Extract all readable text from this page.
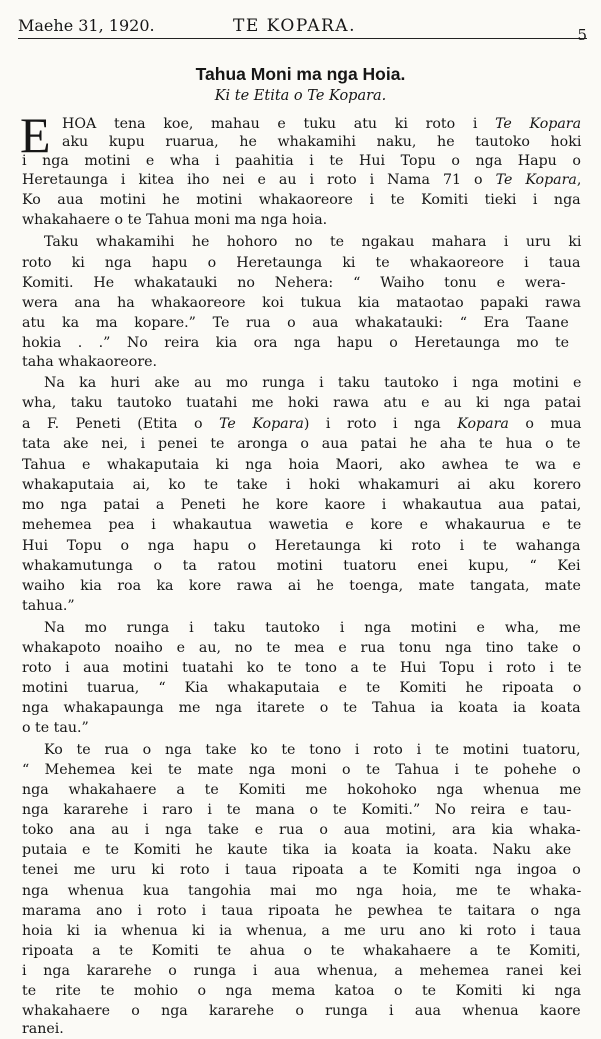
Maehe 31, 1920.	TE KOPARA.	5
Tahua Moni ma nga Hoia.
Ki te Etita o Te Kopara.
E HOA tena koe, mahau e tuku atu ki roto i Te Kopara
aku kupu ruarua, he whakamihi naku, he tautoko hoki
i nga motini e wha i paahitia i te Hui Topu o nga Hapu o
Heretaunga i kitea iho nei e au i roto i Nama 71 o Te Kopara,
Ko aua motini he motini whakaoreore i te Komiti tieki i nga
whakahaere o te Tahua moni ma nga hoia.
Taku whakamihi he hohoro no te ngakau mahara i uru ki
roto ki nga hapu o Heretaunga ki te whakaoreore i taua
Komiti. He whakatauki no Nehera: “ Waiho tonu e wera-
wera ana ha whakaoreore koi tukua kia mataotao papaki rawa
atu ka ma kopare.” Te rua o aua whakatauki: “ Era Taane
hokia . .” No reira kia ora nga hapu o Heretaunga mo te
taha whakaoreore.
Na ka huri ake au mo runga i taku tautoko i nga motini e
wha, taku tautoko tuatahi me hoki rawa atu e au ki nga patai
a F. Peneti (Etita o Te Kopara) i roto i nga Kopara o mua
tata ake nei, i penei te aronga o aua patai he aha te hua o te
Tahua e whakaputaia ki nga hoia Maori, ako awhea te wa e
whakaputaia ai, ko te take i hoki whakamuri ai aku korero
mo nga patai a Peneti he kore kaore i whakautua aua patai,
mehemea pea i whakautua wawetia e kore e whakaurua e te
Hui Topu o nga hapu o Heretaunga ki roto i te wahanga
whakamutunga o ta ratou motini tuatoru enei kupu, “ Kei
waiho kia roa ka kore rawa ai he toenga, mate tangata, mate
tahua.”
Na mo runga i taku tautoko i nga motini e wha, me
whakapoto noaiho e au, no te mea e rua tonu nga tino take o
roto i aua motini tuatahi ko te tono a te Hui Topu i roto i te
motini tuarua, “ Kia whakaputaia e te Komiti he ripoata o
nga whakapaunga me nga itarete o te Tahua ia koata ia koata
o te tau.”
Ko te rua o nga take ko te tono i roto i te motini tuatoru,
“ Mehemea kei te mate nga moni o te Tahua i te pohehe o
nga whakahaere a te Komiti me hokohoko nga whenua me
nga kararehe i raro i te mana o te Komiti.” No reira e tau-
toko ana au i nga take e rua o aua motini, ara kia whaka-
putaia e te Komiti he kaute tika ia koata ia koata. Naku ake
tenei me uru ki roto i taua ripoata a te Komiti nga ingoa o
nga whenua kua tangohia mai mo nga hoia, me te whaka-
marama ano i roto i taua ripoata he pewhea te taitara o nga
hoia ki ia whenua ki ia whenua, a me uru ano ki roto i taua
ripoata a te Komiti te ahua o te whakahaere a te Komiti,
i nga kararehe o runga i aua whenua, a mehemea ranei kei
te rite te mohio o nga mema katoa o te Komiti ki nga
whakahaere o nga kararehe o runga i aua whenua kaore
ranei.
